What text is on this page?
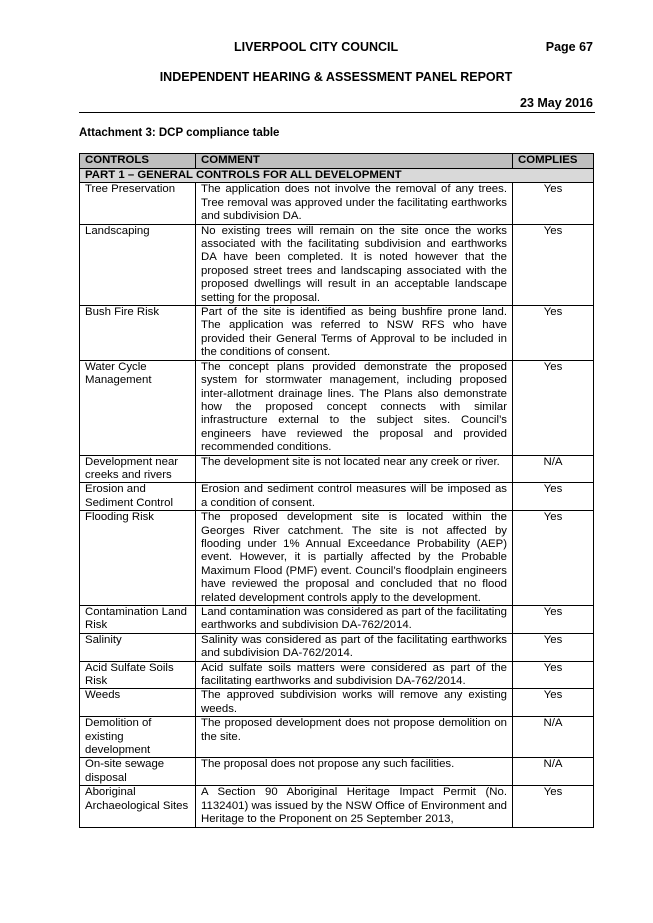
LIVERPOOL CITY COUNCIL	Page 67
INDEPENDENT HEARING & ASSESSMENT PANEL REPORT
23 May 2016
Attachment 3: DCP compliance table
CONTROLS	COMMENT	COMPLIES
PART 1 – GENERAL CONTROLS FOR ALL DEVELOPMENT		
Tree Preservation	The application does not involve the removal of any trees. Tree removal was approved under the facilitating earthworks and subdivision DA.	Yes
Landscaping	No existing trees will remain on the site once the works associated with the facilitating subdivision and earthworks DA have been completed. It is noted however that the proposed street trees and landscaping associated with the proposed dwellings will result in an acceptable landscape setting for the proposal.	Yes
Bush Fire Risk	Part of the site is identified as being bushfire prone land. The application was referred to NSW RFS who have provided their General Terms of Approval to be included in the conditions of consent.	Yes
Water Cycle Management	The concept plans provided demonstrate the proposed system for stormwater management, including proposed inter-allotment drainage lines. The Plans also demonstrate how the proposed concept connects with similar infrastructure external to the subject sites. Council’s engineers have reviewed the proposal and provided recommended conditions.	Yes
Development near creeks and rivers	The development site is not located near any creek or river.	N/A
Erosion and Sediment Control	Erosion and sediment control measures will be imposed as a condition of consent.	Yes
Flooding Risk	The proposed development site is located within the Georges River catchment. The site is not affected by flooding under 1% Annual Exceedance Probability (AEP) event. However, it is partially affected by the Probable Maximum Flood (PMF) event. Council’s floodplain engineers have reviewed the proposal and concluded that no flood related development controls apply to the development.	Yes
Contamination Land Risk	Land contamination was considered as part of the facilitating earthworks and subdivision DA-762/2014.	Yes
Salinity	Salinity was considered as part of the facilitating earthworks and subdivision DA-762/2014.	Yes
Acid Sulfate Soils Risk	Acid sulfate soils matters were considered as part of the facilitating earthworks and subdivision DA-762/2014.	Yes
Weeds	The approved subdivision works will remove any existing weeds.	Yes
Demolition of existing development	The proposed development does not propose demolition on the site.	N/A
On-site sewage disposal	The proposal does not propose any such facilities.	N/A
Aboriginal Archaeological Sites	A Section 90 Aboriginal Heritage Impact Permit (No. 1132401) was issued by the NSW Office of Environment and Heritage to the Proponent on 25 September 2013,	Yes
